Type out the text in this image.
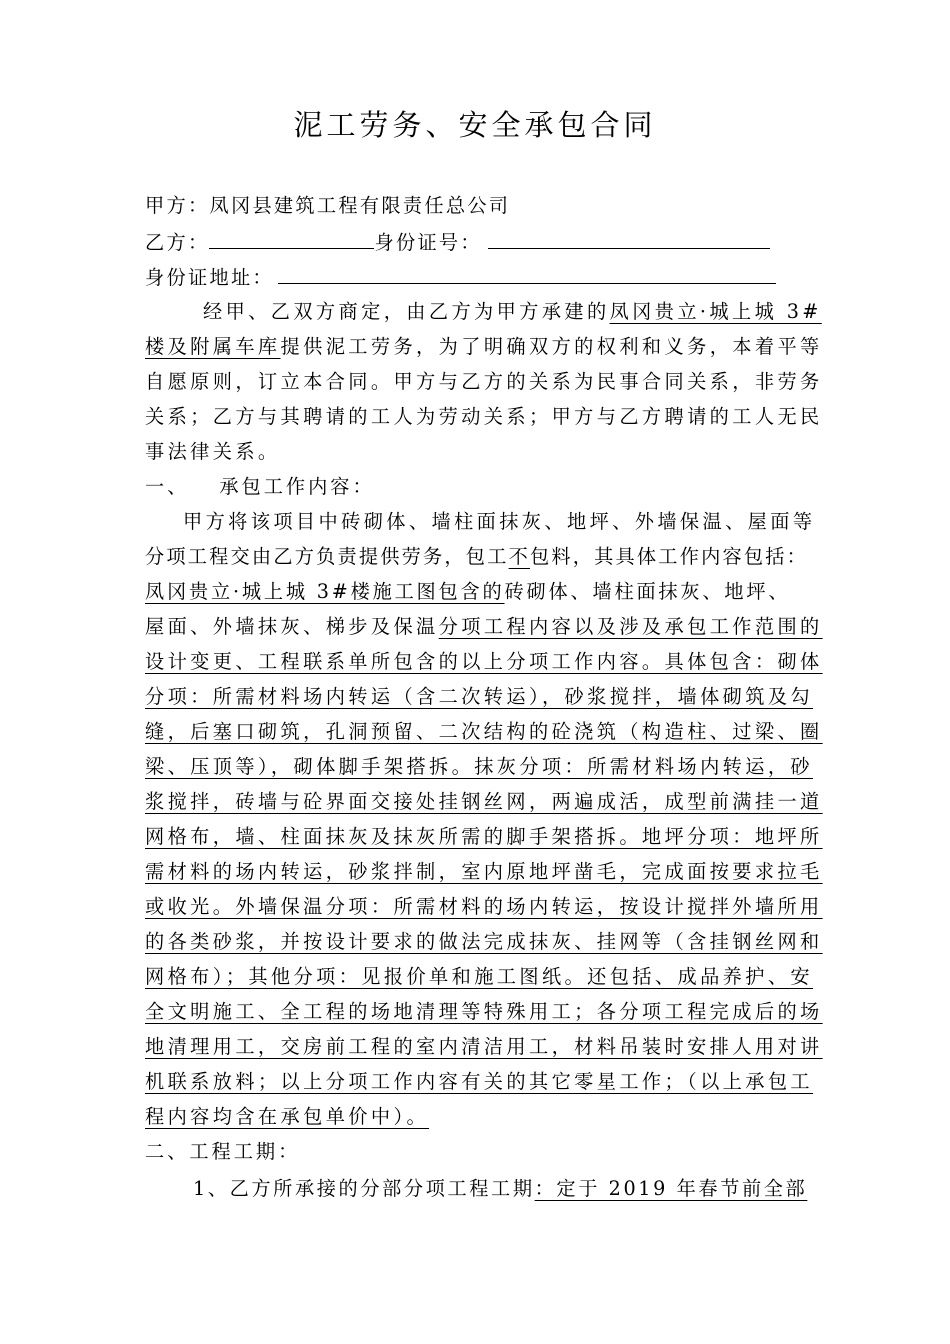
泥工劳务、安全承包合同
甲方：凤冈县建筑工程有限责任总公司
乙方：	身份证号：
身份证地址：
经甲、乙双方商定，由乙方为甲方承建的凤冈贵立·城上城 3#
楼及附属车库提供泥工劳务，为了明确双方的权利和义务，本着平等
自愿原则，订立本合同。甲方与乙方的关系为民事合同关系，非劳务
关系；乙方与其聘请的工人为劳动关系；甲方与乙方聘请的工人无民
事法律关系。
一、 承包工作内容：
甲方将该项目中砖砌体、墙柱面抹灰、地坪、外墙保温、屋面等
分项工程交由乙方负责提供劳务，包工不包料，其具体工作内容包括：
凤冈贵立·城上城 3#楼施工图包含的砖砌体、墙柱面抹灰、地坪、
屋面、外墙抹灰、梯步及保温分项工程内容以及涉及承包工作范围的
设计变更、工程联系单所包含的以上分项工作内容。具体包含：砌体
分项：所需材料场内转运（含二次转运），砂浆搅拌，墙体砌筑及勾
缝，后塞口砌筑，孔洞预留、二次结构的砼浇筑（构造柱、过梁、圈
梁、压顶等），砌体脚手架搭拆。抹灰分项：所需材料场内转运，砂
浆搅拌，砖墙与砼界面交接处挂钢丝网，两遍成活，成型前满挂一道
网格布，墙、柱面抹灰及抹灰所需的脚手架搭拆。地坪分项：地坪所
需材料的场内转运，砂浆拌制，室内原地坪凿毛，完成面按要求拉毛
或收光。外墙保温分项：所需材料的场内转运，按设计搅拌外墙所用
的各类砂浆，并按设计要求的做法完成抹灰、挂网等（含挂钢丝网和
网格布）；其他分项：见报价单和施工图纸。还包括、成品养护、安
全文明施工、全工程的场地清理等特殊用工；各分项工程完成后的场
地清理用工，交房前工程的室内清洁用工，材料吊装时安排人用对讲
机联系放料；以上分项工作内容有关的其它零星工作；（以上承包工
程内容均含在承包单价中）。
二、工程工期：
1、乙方所承接的分部分项工程工期：定于 2019 年春节前全部
